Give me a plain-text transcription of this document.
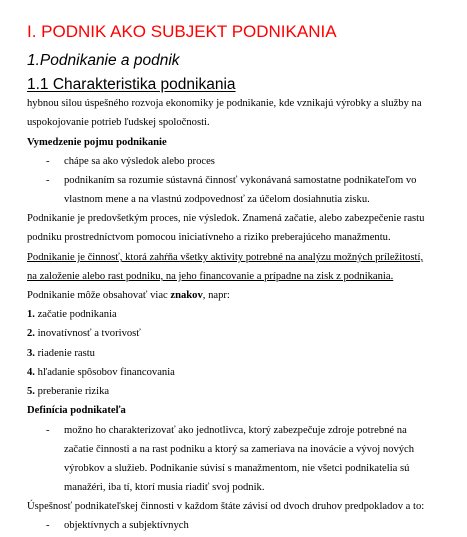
I. PODNIK AKO SUBJEKT PODNIKANIA
1.Podnikanie a podnik
1.1 Charakteristika podnikania
hybnou silou úspešného rozvoja ekonomiky je podnikanie, kde vznikajú výrobky a služby na
uspokojovanie potrieb ľudskej spoločnosti.
Vymedzenie pojmu podnikanie
- chápe sa ako výsledok alebo proces
- podnikaním sa rozumie sústavná činnosť vykonávaná samostatne podnikateľom vo
vlastnom mene a na vlastnú zodpovednosť za účelom dosiahnutia zisku.
Podnikanie je predovšetkým proces, nie výsledok. Znamená začatie, alebo zabezpečenie rastu
podniku prostredníctvom pomocou iniciatívneho a riziko preberajúceho manažmentu.
Podnikanie je činnosť, ktorá zahŕňa všetky aktivity potrebné na analýzu možných príležitostí,
na založenie alebo rast podniku, na jeho financovanie a prípadne na zisk z podnikania.
Podnikanie môže obsahovať viac znakov, napr:
1. začatie podnikania
2. inovatívnosť a tvorivosť
3. riadenie rastu
4. hľadanie spôsobov financovania
5. preberanie rizika
Definícia podnikateľa
- možno ho charakterizovať ako jednotlivca, ktorý zabezpečuje zdroje potrebné na
začatie činnosti a na rast podniku a ktorý sa zameriava na inovácie a vývoj nových
výrobkov a služieb. Podnikanie súvisí s manažmentom, nie všetci podnikatelia sú
manažéri, iba tí, ktorí musia riadiť svoj podnik.
Úspešnosť podnikateľskej činnosti v každom štáte závisí od dvoch druhov predpokladov a to:
- objektívnych a subjektívnych
